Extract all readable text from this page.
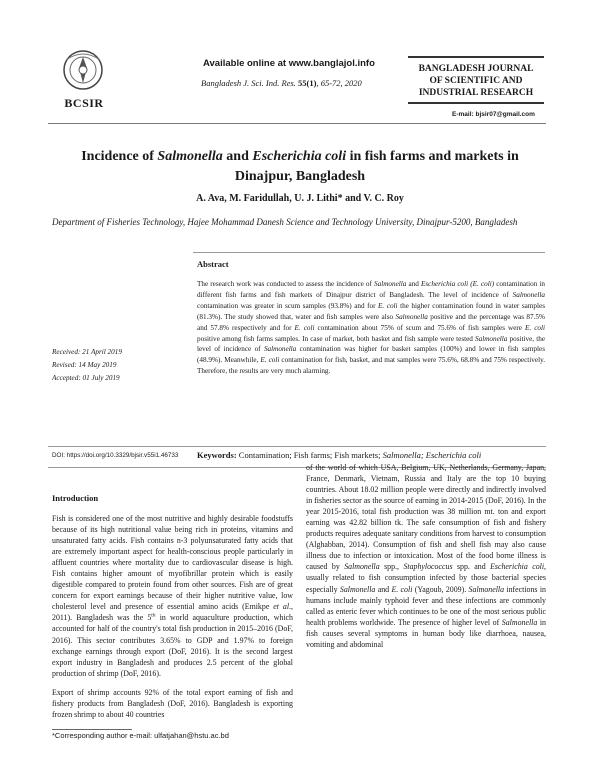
BCSIR
Available online at www.banglajol.info
Bangladesh J. Sci. Ind. Res. 55(1), 65-72, 2020
BANGLADESH JOURNAL
OF SCIENTIFIC AND
INDUSTRIAL RESEARCH
E-mail: bjsir07@gmail.com
Incidence of Salmonella and Escherichia coli in fish farms and markets in
Dinajpur, Bangladesh
A. Ava, M. Faridullah, U. J. Lithi* and V. C. Roy
Department of Fisheries Technology, Hajee Mohammad Danesh Science and Technology University, Dinajpur-5200, Bangladesh
Abstract
The research work was conducted to assess the incidence of Salmonella and Escherichia coli (E. coli) contamination in different fish farms and fish markets of Dinajpur district of Bangladesh. The level of incidence of Salmonella contamination was greater in scum samples (93.8%) and for E. coli the higher contamination found in water samples (81.3%). The study showed that, water and fish samples were also Salmonella positive and the percentage was 87.5% and 57.8% respectively and for E. coli contamination about 75% of scum and 75.6% of fish samples were E. coli positive among fish farms samples. In case of market, both basket and fish sample were tested Salmonella positive, the level of incidence of Salmonella contamination was higher for basket samples (100%) and lower in fish samples (48.9%). Meanwhile, E. coli contamination for fish, basket, and mat samples were 75.6%, 68.8% and 75% respectively. Therefore, the results are very much alarming.
Received: 21 April 2019
Revised: 14 May 2019
Accepted: 01 July 2019
DOI: https://doi.org/10.3329/bjsir.v55i1.46733 Keywords: Contamination; Fish farms; Fish markets; Salmonella; Escherichia coli
Introduction

Fish is considered one of the most nutritive and highly desirable foodstuffs because of its high nutritional value being rich in proteins, vitamins and unsaturated fatty acids. Fish contains n-3 polyunsaturated fatty acids that are extremely important aspect for health-conscious people particularly in affluent countries where mortality due to cardiovascular disease is high. Fish contains higher amount of myofibrillar protein which is easily digestible compared to protein found from other sources. Fish are of great concern for export earnings because of their higher nutritive value, low cholesterol level and presence of essential amino acids (Emikpe et al., 2011). Bangladesh was the 5th in world aquaculture production, which accounted for half of the country's total fish production in 2015–2016 (DoF, 2016). This sector contributes 3.65% to GDP and 1.97% to foreign exchange earnings through export (DoF, 2016). It is the second largest export industry in Bangladesh and produces 2.5 percent of the global production of shrimp (DoF, 2016).

Export of shrimp accounts 92% of the total export earning of fish and fishery products from Bangladesh (DoF, 2016). Bangladesh is exporting frozen shrimp to about 40 countries

of the world of which USA, Belgium, UK, Netherlands, Germany, Japan, France, Denmark, Vietnam, Russia and Italy are the top 10 buying countries. About 18.02 million people were directly and indirectly involved in fisheries sector as the source of earning in 2014-2015 (DoF, 2016). In the year 2015-2016, total fish production was 38 million mt. ton and export earning was 42.82 billion tk. The safe consumption of fish and fishery products requires adequate sanitary conditions from harvest to consumption (Alghabban, 2014). Consumption of fish and shell fish may also cause illness due to infection or intoxication. Most of the food borne illness is caused by Salmonella spp., Staphylococcus spp. and Escherichia coli, usually related to fish consumption infected by those bacterial species especially Salmonella and E. coli (Yagoub, 2009). Salmonella infections in humans include mainly typhoid fever and these infections are commonly called as enteric fever which continues to be one of the most serious public health problems worldwide. The presence of higher level of Salmonella in fish causes several symptoms in human body like diarrhoea, nausea, vomiting and abdominal

*Corresponding author e-mail: ulfatjahan@hstu.ac.bd
